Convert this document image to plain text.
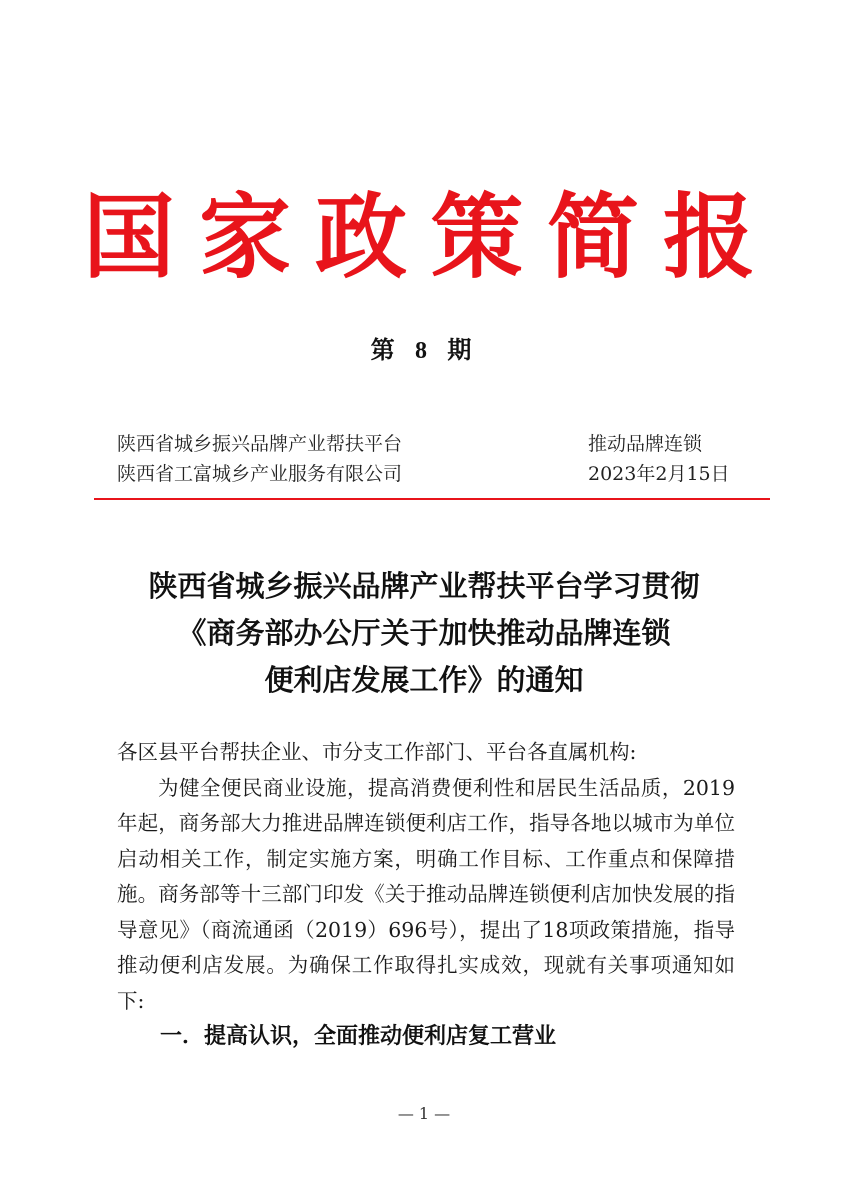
国家政策简报
第 8 期
陕西省城乡振兴品牌产业帮扶平台
陕西省工富城乡产业服务有限公司
推动品牌连锁
2023年2月15日
陕西省城乡振兴品牌产业帮扶平台学习贯彻
《商务部办公厅关于加快推动品牌连锁
便利店发展工作》的通知

各区县平台帮扶企业、市分支工作部门、平台各直属机构:

为健全便民商业设施，提高消费便利性和居民生活品质，2019年起，商务部大力推进品牌连锁便利店工作，指导各地以城市为单位启动相关工作，制定实施方案，明确工作目标、工作重点和保障措施。商务部等十三部门印发《关于推动品牌连锁便利店加快发展的指导意见》（商流通函（2019）696号），提出了18项政策措施，指导推动便利店发展。为确保工作取得扎实成效，现就有关事项通知如下:

一．提高认识，全面推动便利店复工营业
— 1 —
